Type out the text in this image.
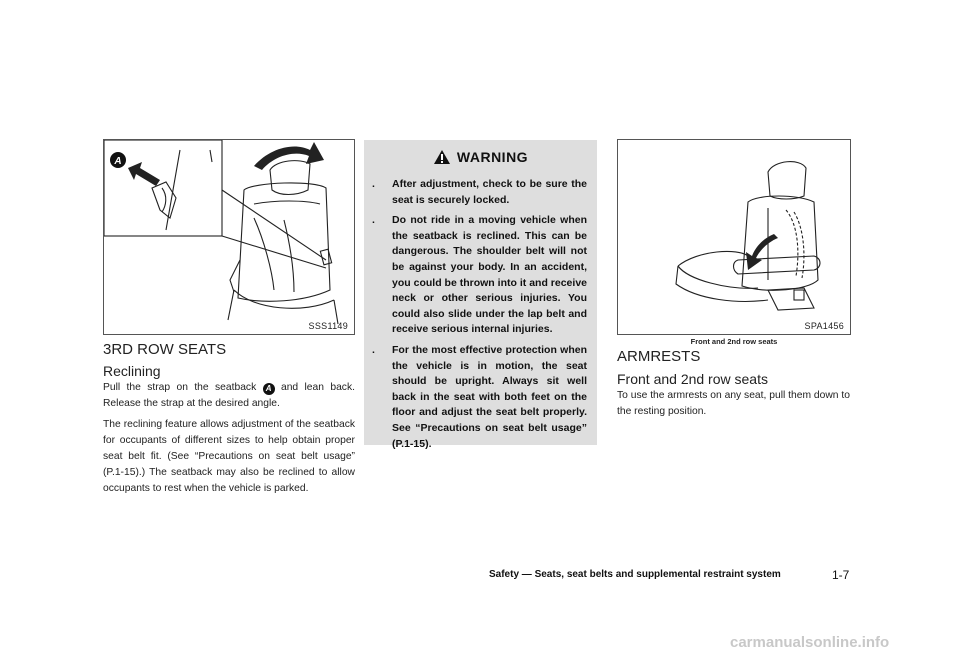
A
SSS1149
3RD ROW SEATS
Reclining

Pull the strap on the seatback A and lean back. Release the strap at the desired angle.

The reclining feature allows adjustment of the seatback for occupants of different sizes to help obtain proper seat belt fit. (See “Precautions on seat belt usage” (P.1-15).) The seatback may also be reclined to allow occupants to rest when the vehicle is parked.

WARNING
.	After adjustment, check to be sure the seat is securely locked.
.	Do not ride in a moving vehicle when the seatback is reclined. This can be dangerous. The shoulder belt will not be against your body. In an accident, you could be thrown into it and receive neck or other serious injuries. You could also slide under the lap belt and receive serious internal injuries.
.	For the most effective protection when the vehicle is in motion, the seat should be upright. Always sit well back in the seat with both feet on the floor and adjust the seat belt properly. See “Precautions on seat belt usage” (P.1-15).
SPA1456
Front and 2nd row seats
ARMRESTS
Front and 2nd row seats
To use the armrests on any seat, pull them down to the resting position.
Safety — Seats, seat belts and supplemental restraint system	1-7
carmanualsonline.info
